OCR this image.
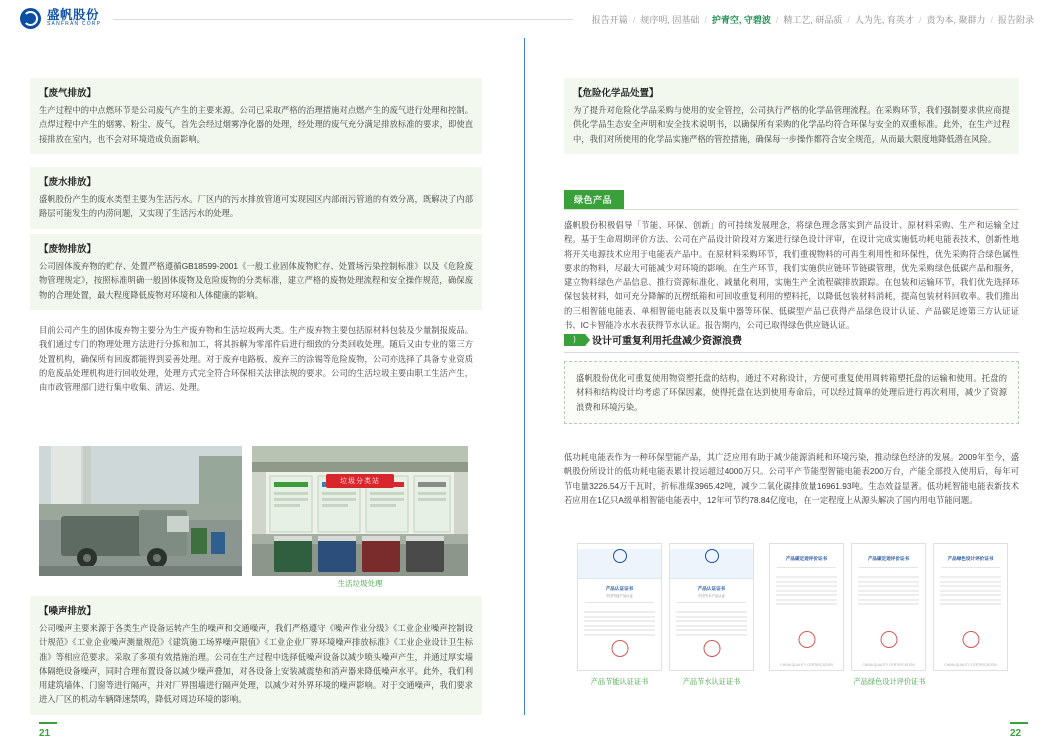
盛帆股份
SANFRAN CORP	报告开篇 / 规序明, 固基础 / 护青空, 守碧波 / 精工艺, 研品质 / 人为先, 育英才 / 责为本, 聚群力 / 报告附录
【废气排放】
生产过程中的中点燃环节是公司废气产生的主要来源。公司已采取严格的治理措施对点燃产生的废气进行处理和控制。点焊过程中产生的烟雾、粉尘、废气，首先会经过烟雾净化器的处理，经处理的废气充分满足排放标准的要求，即使直接排放在室内，也不会对环境造成负面影响。
【废水排放】
盛帆股份产生的废水类型主要为生活污水。厂区内的污水排放管道可实现园区内部雨污管道的有效分离，既解决了内部路层可能发生的内涝问题，又实现了生活污水的处理。
【废物排放】
公司固体废弃物的贮存、处置严格遵循GB18599-2001《一般工业固体废物贮存、处置场污染控制标准》以及《危险废物管理规定》，按照标准明确一般固体废物及危险废物的分类标准，建立严格的废物处理流程和安全操作规范，确保废物的合理处置，最大程度降低废物对环境和人体健康的影响。
目前公司产生的固体废弃物主要分为生产废弃物和生活垃圾两大类。生产废弃物主要包括原材料包装及少量制报废品。我们通过专门的物理处理方法进行分拣和加工，将其拆解为零部件后进行细致的分类回收处理。随后又由专业的第三方处置机构，确保所有回废都能得到妥善处理。对于废弃电路板、废弃三的涂锡等危险废物，公司亦选择了具备专业资质的危废品处理机构进行回收处理，处理方式完全符合环保相关法律法规的要求。公司的生活垃圾主要由职工生活产生，由市政管理部门进行集中收集、清运、处理。
垃圾分类站
生活垃圾处理
【噪声排放】
公司噪声主要来源于各类生产设备运转产生的噪声和交通噪声，我们严格遵守《噪声作业分级》《工业企业噪声控制设计规范》《工业企业噪声测量规范》《建筑施工场界噪声限值》《工业企业厂界环境噪声排放标准》《工业企业设计卫生标准》等相应范要求。采取了多项有效措施治理。公司在生产过程中选择低噪声设备以减少喷头噪声产生，并通过厚实墙体隔绝设备噪声，同时合理布置设备以减少噪声叠加，对各设备上安装减震垫和消声器来降低噪声水平。此外，我们利用建筑墙体、门窗等进行隔声，并对厂界围墙进行隔声处理，以减少对外界环境的噪声影响。对于交通噪声，我们要求进入厂区的机动车辆降速禁鸣，降低对周边环境的影响。
21
【危险化学品处置】
为了提升对危险化学品采购与使用的安全管控，公司执行严格的化学品管理流程。在采购环节，我们强制要求供应商提供化学品生态安全声明和安全技术说明书，以确保所有采购的化学品均符合环保与安全的双重标准。此外，在生产过程中，我们对所使用的化学品实施严格的管控措施，确保每一步操作都符合安全规范，从而最大限度地降低潜在风险。
绿色产品
盛帆股份积极倡导「节能、环保、创新」的可持续发展理念，将绿色理念落实到产品设计、原材料采购、生产和运输全过程。基于生命周期评价方法、公司在产品设计阶段对方案进行绿色设计评审，在设计完成实施低功耗电能表技术，创新性地将开关电源技术应用于电能表产品中。在原材料采购环节，我们重视物料的可再生利用性和环保性，优先采购符合绿色属性要求的物料，尽最大可能减少对环境的影响。在生产环节，我们实施供应链环节链碳管理，优先采购绿色低碳产品和服务，建立物料绿色产品信息、推行资源标准化、减量化利用，实施生产全流程碳排放跟踪。在包装和运输环节，我们优先选择环保包装材料，如可充分降解的瓦楞纸箱和可回收重复利用的塑料托，以降低包装材料消耗，提高包装材料回收率。我们推出的三相智能电能表、单相智能电能表以及集中器等环保、低碳型产品已获得产品绿色设计认证、产品碳足迹第三方认证证书、IC卡智能冷水水表获得节水认证。报告期内，公司已取得绿色供应链认证。
⟩	设计可重复利用托盘减少资源浪费
盛帆股份优化可重复使用物资塑托盘的结构，通过不对称设计，方便可重复使用周转箱塑托盘的运输和使用。托盘的材料和结构设计均考虑了环保因素，使得托盘在达到使用寿命后，可以经过简单的处理后进行再次利用，减少了资源浪费和环境污染。
低功耗电能表作为一种环保型能产品，其广泛应用有助于减少能源消耗和环境污染，推动绿色经济的发展。2009年至今，盛帆股份所设计的低功耗电能表累计投运超过4000万只。公司平产节能型智能电能表200万台，产能全部投入使用后，每年可节电量3226.54万千瓦时，折标准煤3965.42吨，减少二氧化碳排放量16961.93吨。生态效益显著。低功耗智能电能表新技术若应用在1亿只A级单相智能电能表中，12年可节约78.84亿度电，在一定程度上从源头解决了国内用电节能问题。
产品认证证书
中国节能产品认证
产品认证证书
中国节水产品认证
产品碳足迹评价证书
CHINA QUALITY CERTIFICATION
产品碳足迹评价证书
CHINA QUALITY CERTIFICATION
产品绿色设计评价证书
CHINA QUALITY CERTIFICATION
产品节能认证证书	产品节水认证证书	产品绿色设计评价证书
22
